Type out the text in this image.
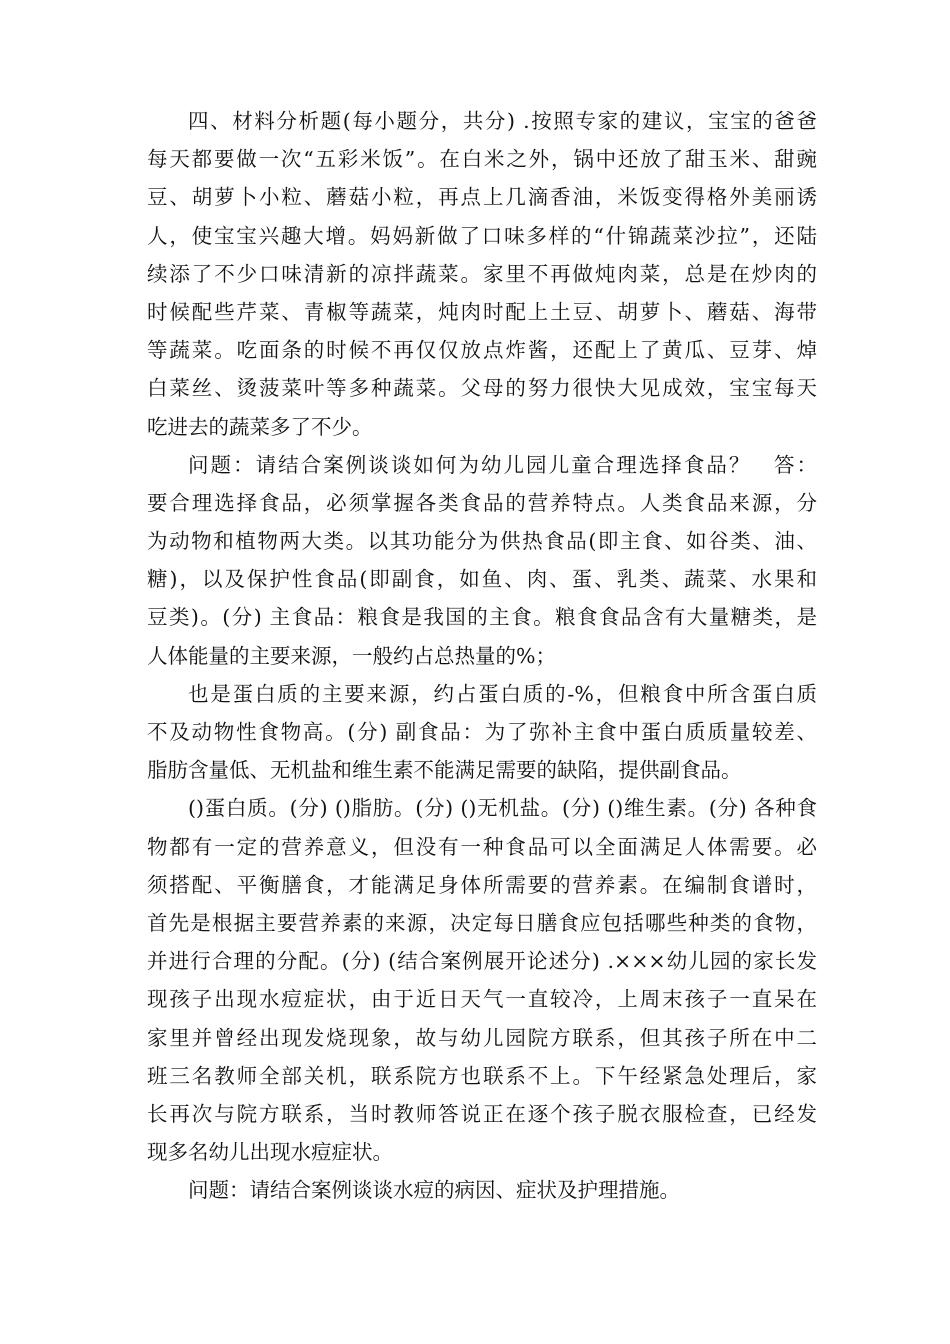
四、材料分析题(每小题分，共分) .按照专家的建议，宝宝的爸爸
每天都要做一次“五彩米饭”。在白米之外，锅中还放了甜玉米、甜豌
豆、胡萝卜小粒、蘑菇小粒，再点上几滴香油，米饭变得格外美丽诱
人，使宝宝兴趣大增。妈妈新做了口味多样的“什锦蔬菜沙拉”，还陆
续添了不少口味清新的凉拌蔬菜。家里不再做炖肉菜，总是在炒肉的
时候配些芹菜、青椒等蔬菜，炖肉时配上土豆、胡萝卜、蘑菇、海带
等蔬菜。吃面条的时候不再仅仅放点炸酱，还配上了黄瓜、豆芽、焯
白菜丝、烫菠菜叶等多种蔬菜。父母的努力很快大见成效，宝宝每天
吃进去的蔬菜多了不少。
问题：请结合案例谈谈如何为幼儿园儿童合理选择食品？　答：
要合理选择食品，必须掌握各类食品的营养特点。人类食品来源，分
为动物和植物两大类。以其功能分为供热食品(即主食、如谷类、油、
糖)，以及保护性食品(即副食，如鱼、肉、蛋、乳类、蔬菜、水果和
豆类)。(分) 主食品：粮食是我国的主食。粮食食品含有大量糖类，是
人体能量的主要来源，一般约占总热量的%；
也是蛋白质的主要来源，约占蛋白质的-%，但粮食中所含蛋白质
不及动物性食物高。(分) 副食品：为了弥补主食中蛋白质质量较差、
脂肪含量低、无机盐和维生素不能满足需要的缺陷，提供副食品。
()蛋白质。(分) ()脂肪。(分) ()无机盐。(分) ()维生素。(分) 各种食
物都有一定的营养意义，但没有一种食品可以全面满足人体需要。必
须搭配、平衡膳食，才能满足身体所需要的营养素。在编制食谱时，
首先是根据主要营养素的来源，决定每日膳食应包括哪些种类的食物，
并进行合理的分配。(分) (结合案例展开论述分) .×××幼儿园的家长发
现孩子出现水痘症状，由于近日天气一直较冷，上周末孩子一直呆在
家里并曾经出现发烧现象，故与幼儿园院方联系，但其孩子所在中二
班三名教师全部关机，联系院方也联系不上。下午经紧急处理后，家
长再次与院方联系，当时教师答说正在逐个孩子脱衣服检查，已经发
现多名幼儿出现水痘症状。
问题：请结合案例谈谈水痘的病因、症状及护理措施。
